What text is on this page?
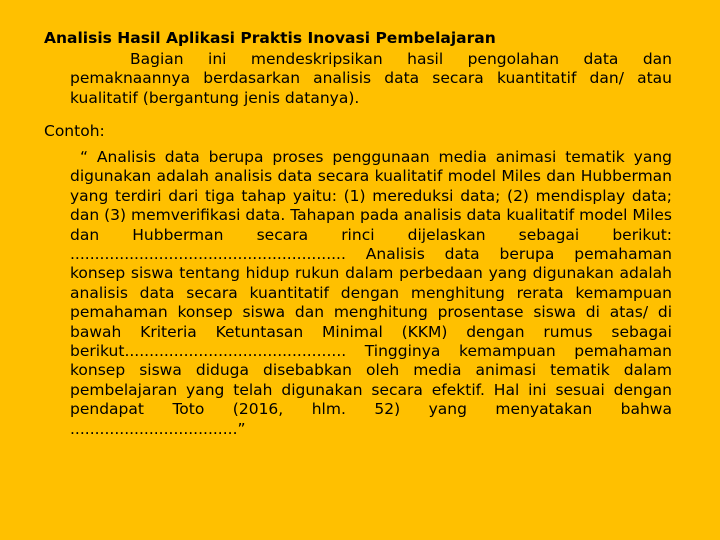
Analisis Hasil Aplikasi Praktis Inovasi Pembelajaran
Bagian ini mendeskripsikan hasil pengolahan data dan pemaknaannya berdasarkan analisis data secara kuantitatif dan/ atau kualitatif (bergantung jenis datanya).
Contoh:
“ Analisis data berupa proses penggunaan media animasi tematik yang digunakan adalah analisis data secara kualitatif model Miles dan Hubberman yang terdiri dari tiga tahap yaitu: (1) mereduksi data; (2) mendisplay data; dan (3) memverifikasi data. Tahapan pada analisis data kualitatif model Miles dan Hubberman secara rinci dijelaskan sebagai berikut: ........................................................ Analisis data berupa pemahaman konsep siswa tentang hidup rukun dalam perbedaan yang digunakan adalah analisis data secara kuantitatif dengan menghitung rerata kemampuan pemahaman konsep siswa dan menghitung prosentase siswa di atas/ di bawah Kriteria Ketuntasan Minimal (KKM) dengan rumus sebagai berikut............................................. Tingginya kemampuan pemahaman konsep siswa diduga disebabkan oleh media animasi tematik dalam pembelajaran yang telah digunakan secara efektif. Hal ini sesuai dengan pendapat Toto (2016, hlm. 52) yang menyatakan bahwa ..................................”
